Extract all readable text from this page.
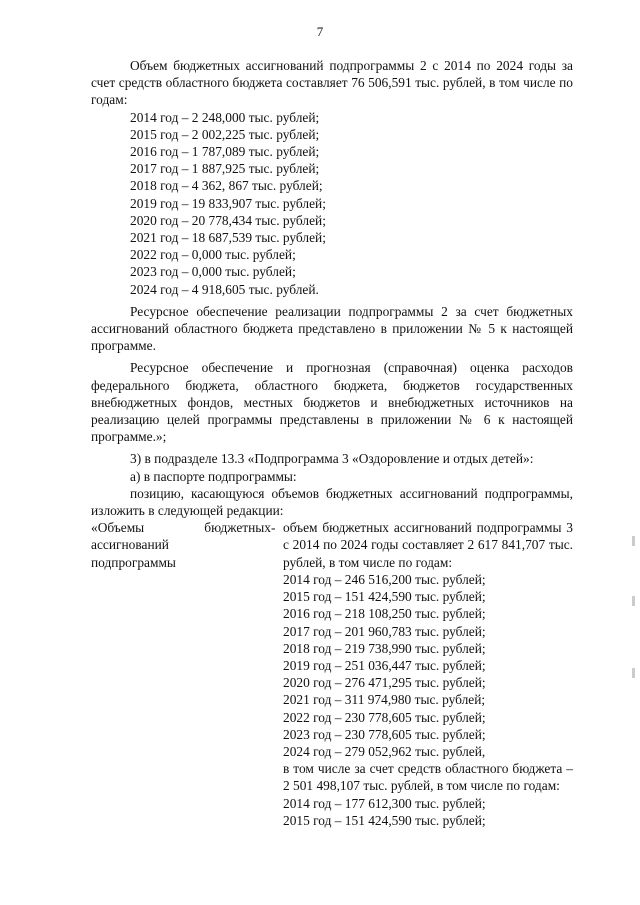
7

Объем бюджетных ассигнований подпрограммы 2 с 2014 по 2024 годы за счет средств областного бюджета составляет 76 506,591 тыс. рублей, в том числе по годам:

2014 год – 2 248,000 тыс. рублей;

2015 год – 2 002,225 тыс. рублей;

2016 год – 1 787,089 тыс. рублей;

2017 год – 1 887,925 тыс. рублей;

2018 год – 4 362, 867 тыс. рублей;

2019 год – 19 833,907 тыс. рублей;

2020 год – 20 778,434 тыс. рублей;

2021 год – 18 687,539 тыс. рублей;

2022 год – 0,000 тыс. рублей;

2023 год – 0,000 тыс. рублей;

2024 год – 4 918,605 тыс. рублей.

Ресурсное обеспечение реализации подпрограммы 2 за счет бюджетных ассигнований областного бюджета представлено в приложении № 5 к настоящей программе.

Ресурсное обеспечение и прогнозная (справочная) оценка расходов федерального бюджета, областного бюджета, бюджетов государственных внебюджетных фондов, местных бюджетов и внебюджетных источников на реализацию целей программы представлены в приложении № 6 к настоящей программе.»;

3) в подразделе 13.3 «Подпрограмма 3 «Оздоровление и отдых детей»:

а) в паспорте подпрограммы:

позицию, касающуюся объемов бюджетных ассигнований подпрограммы, изложить в следующей редакции:

«Объемы бюджетных

ассигнований

подпрограммы

- объем бюджетных ассигнований подпрограммы 3 с 2014 по 2024 годы составляет 2 617 841,707 тыс. рублей, в том числе по годам:

2014 год – 246 516,200 тыс. рублей;

2015 год – 151 424,590 тыс. рублей;

2016 год – 218 108,250 тыс. рублей;

2017 год – 201 960,783 тыс. рублей;

2018 год – 219 738,990 тыс. рублей;

2019 год – 251 036,447 тыс. рублей;

2020 год – 276 471,295 тыс. рублей;

2021 год – 311 974,980 тыс. рублей;

2022 год – 230 778,605 тыс. рублей;

2023 год – 230 778,605 тыс. рублей;

2024 год – 279 052,962 тыс. рублей,

в том числе за счет средств областного бюджета – 2 501 498,107 тыс. рублей, в том числе по годам:

2014 год – 177 612,300 тыс. рублей;

2015 год – 151 424,590 тыс. рублей;
